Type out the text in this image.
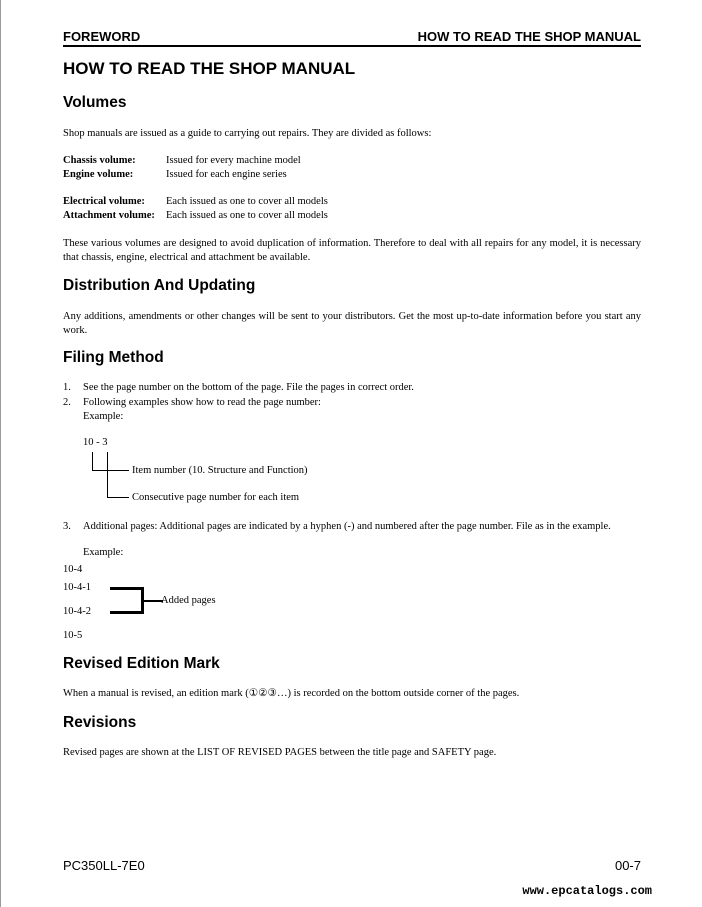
FOREWORD	HOW TO READ THE SHOP MANUAL
HOW TO READ THE SHOP MANUAL
Volumes
Shop manuals are issued as a guide to carrying out repairs. They are divided as follows:
Chassis volume:	Issued for every machine model
Engine volume:	Issued for each engine series
Electrical volume: Each issued as one to cover all models
Attachment volume: Each issued as one to cover all models
These various volumes are designed to avoid duplication of information. Therefore to deal with all repairs for any model, it is necessary that chassis, engine, electrical and attachment be available.
Distribution And Updating
Any additions, amendments or other changes will be sent to your distributors. Get the most up-to-date information before you start any work.
Filing Method
1. See the page number on the bottom of the page. File the pages in correct order.
2. Following examples show how to read the page number:
Example:
10 - 3
Item number (10. Structure and Function)
Consecutive page number for each item
3. Additional pages: Additional pages are indicated by a hyphen (-) and numbered after the page number. File as in the example.
Example:
10-4
10-4-1
10-4-2
10-5
Added pages
Revised Edition Mark
When a manual is revised, an edition mark (①②③…) is recorded on the bottom outside corner of the pages.
Revisions
Revised pages are shown at the LIST OF REVISED PAGES between the title page and SAFETY page.
PC350LL-7E0	00-7
www.epcatalogs.com
